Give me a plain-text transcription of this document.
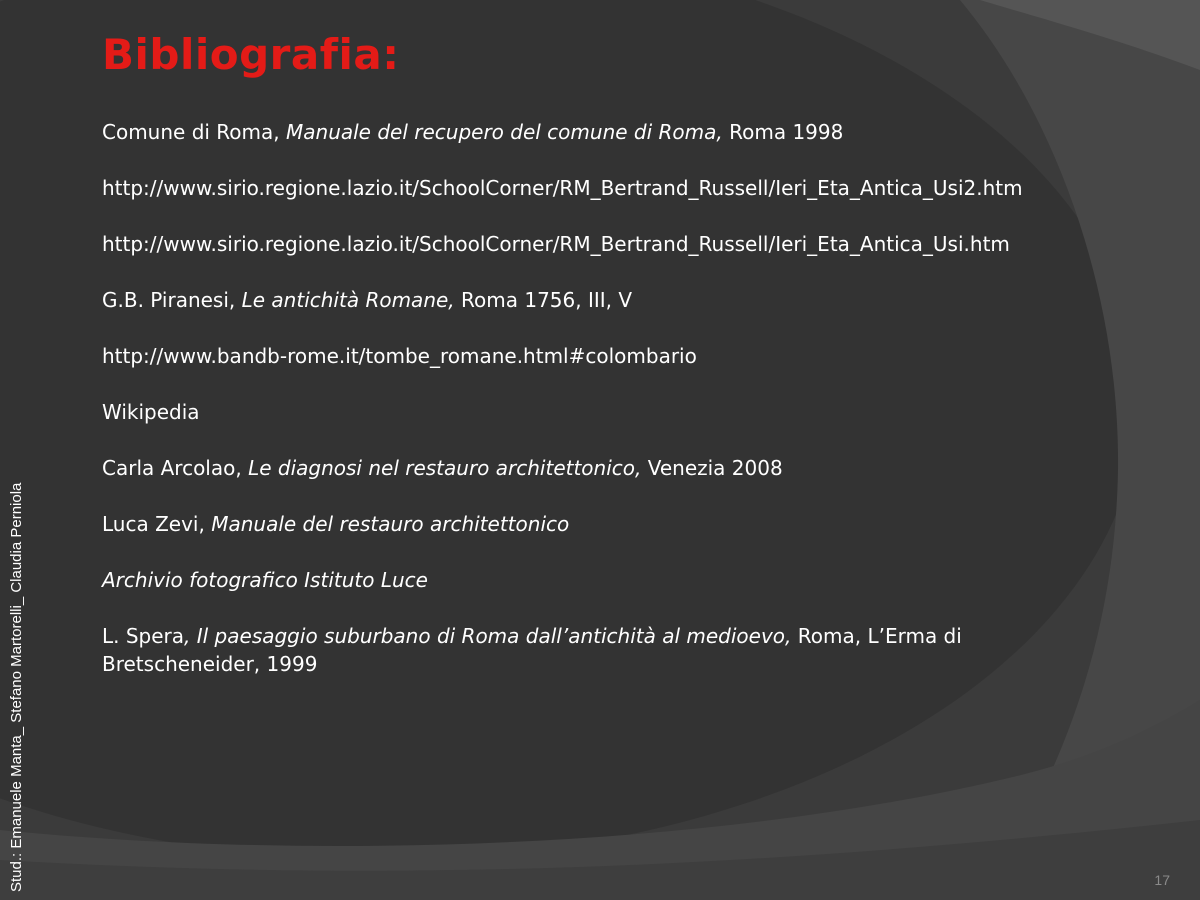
Bibliografia:
Comune di Roma, Manuale del recupero del comune di Roma, Roma 1998
http://www.sirio.regione.lazio.it/SchoolCorner/RM_Bertrand_Russell/Ieri_Eta_Antica_Usi2.htm
http://www.sirio.regione.lazio.it/SchoolCorner/RM_Bertrand_Russell/Ieri_Eta_Antica_Usi.htm
G.B. Piranesi, Le antichità Romane, Roma 1756, III, V
http://www.bandb-rome.it/tombe_romane.html#colombario
Wikipedia
Carla Arcolao, Le diagnosi nel restauro architettonico, Venezia 2008
Luca Zevi, Manuale del restauro architettonico
Archivio fotografico Istituto Luce
L. Spera, Il paesaggio suburbano di Roma dall’antichità al medioevo, Roma, L’Erma di Bretscheneider, 1999
Stud.: Emanuele Manta_ Stefano Martorelli_ Claudia Perniola	17
